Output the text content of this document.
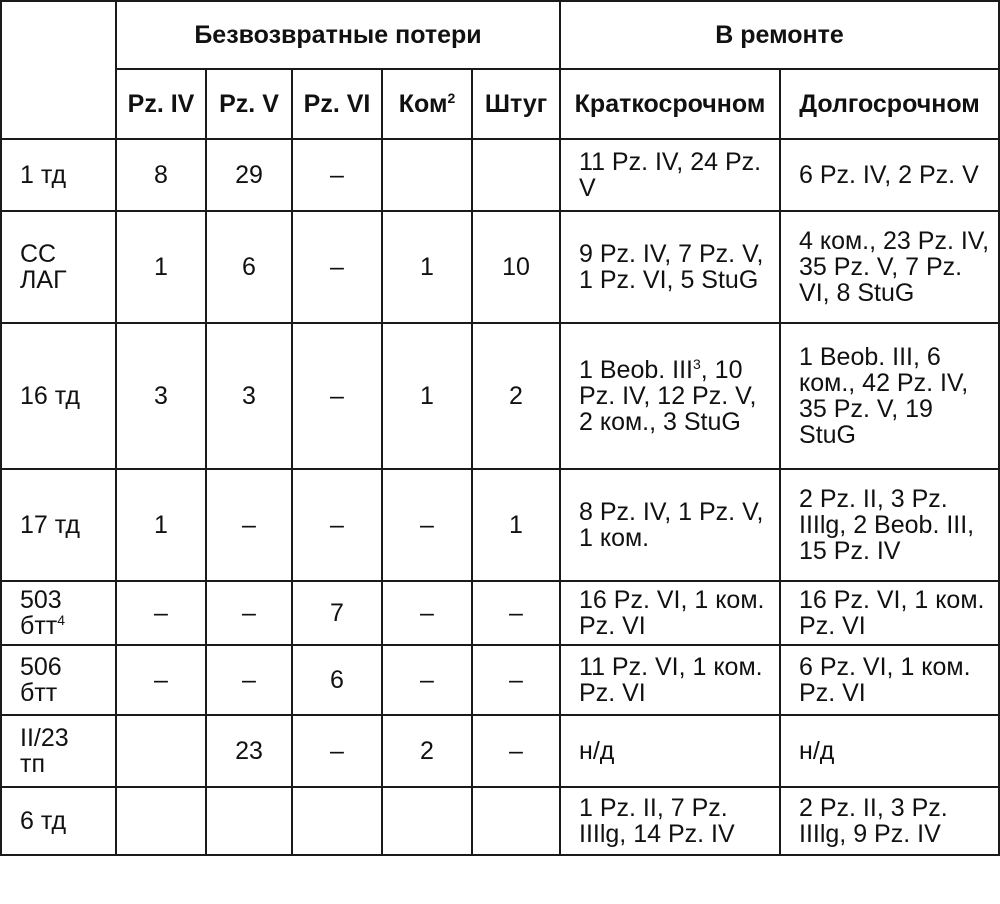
	Безвозвратные потери					В ремонте	
	Pz. IV	Pz. V	Pz. VI	Ком$^2$	Штуг	Краткосрочном	Долгосрочном

1 тд	8	29	–			11 Pz. IV, 24 Pz. V	6 Pz. IV, 2 Pz. V

СС ЛАГ	1	6	–	1	10	9 Pz. IV, 7 Pz. V, 1 Pz. VI, 5 StuG	4 ком., 23 Pz. IV, 35 Pz. V, 7 Pz. VI, 8 StuG

16 тд	3	3	–	1	2	1 Beob. III$^3$, 10 Pz. IV, 12 Pz. V, 2 ком., 3 StuG	1 Beob. III, 6 ком., 42 Pz. IV, 35 Pz. V, 19 StuG

17 тд	1	–	–	–	1	8 Pz. IV, 1 Pz. V, 1 ком.	2 Pz. II, 3 Pz. IIIlg, 2 Beob. III, 15 Pz. IV

503 бтт$^4$	–	–	7	–	–	16 Pz. VI, 1 ком. Pz. VI	16 Pz. VI, 1 ком. Pz. VI

506 бтт	–	–	6	–	–	11 Pz. VI, 1 ком. Pz. VI	6 Pz. VI, 1 ком. Pz. VI

II/23 тп		23	–	2	–	н/д	н/д

6 тд						1 Pz. II, 7 Pz. IIIlg, 14 Pz. IV	2 Pz. II, 3 Pz. IIIlg, 9 Pz. IV
